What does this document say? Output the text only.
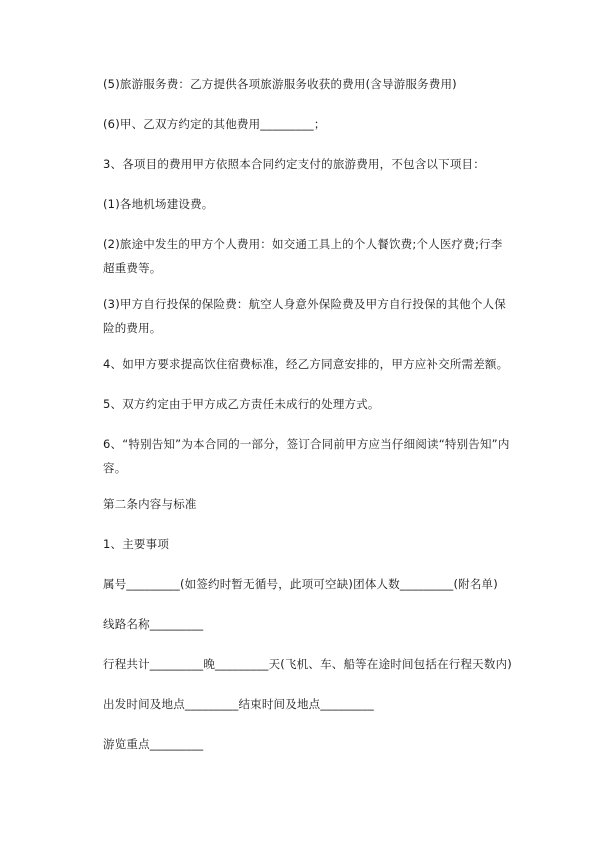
(5)旅游服务费：乙方提供各项旅游服务收获的费用(含导游服务费用)
(6)甲、乙双方约定的其他费用_________；
3、各项目的费用甲方依照本合同约定支付的旅游费用，不包含以下项目：
(1)各地机场建设费。
(2)旅途中发生的甲方个人费用：如交通工具上的个人餐饮费;个人医疗费;行李
超重费等。
(3)甲方自行投保的保险费：航空人身意外保险费及甲方自行投保的其他个人保
险的费用。
4、如甲方要求提高饮住宿费标准，经乙方同意安排的，甲方应补交所需差额。
5、双方约定由于甲方成乙方责任未成行的处理方式。
6、“特别告知”为本合同的一部分，签订合同前甲方应当仔细阅读“特别告知”内
容。
第二条内容与标准
1、主要事项
属号_________(如签约时暂无循号，此项可空缺)团体人数_________(附名单)
线路名称_________
行程共计_________晚_________天(飞机、车、船等在途时间包括在行程天数内)
出发时间及地点_________结束时间及地点_________
游览重点_________
